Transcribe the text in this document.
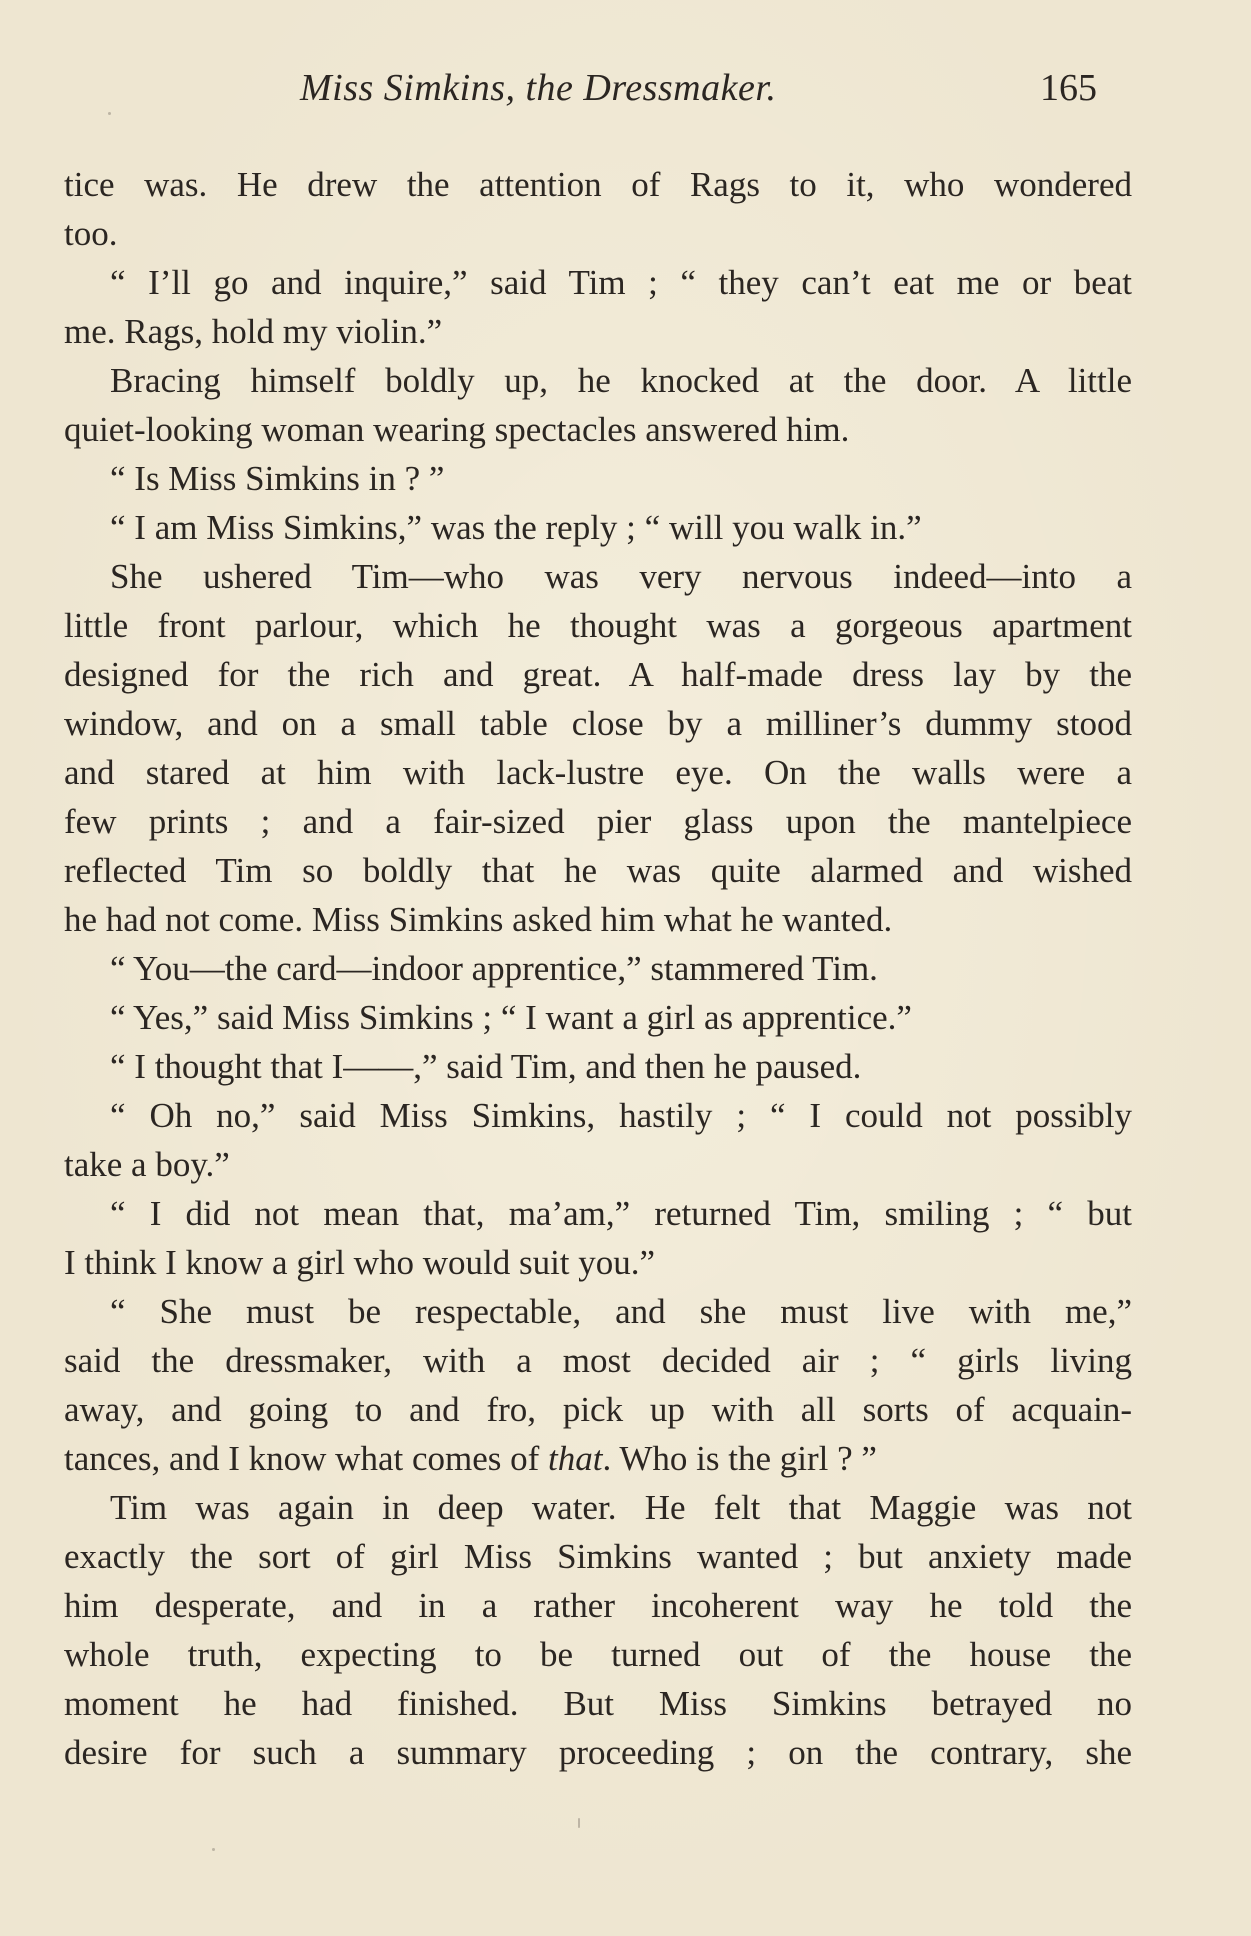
Miss Simkins, the Dressmaker.	165
tice was. He drew the attention of Rags to it, who wondered
too.
“ I’ll go and inquire,” said Tim ; “ they can’t eat me or beat
me. Rags, hold my violin.”
Bracing himself boldly up, he knocked at the door. A little
quiet-looking woman wearing spectacles answered him.
“ Is Miss Simkins in ? ”
“ I am Miss Simkins,” was the reply ; “ will you walk in.”
She ushered Tim—who was very nervous indeed—into a
little front parlour, which he thought was a gorgeous apartment
designed for the rich and great. A half-made dress lay by the
window, and on a small table close by a milliner’s dummy stood
and stared at him with lack-lustre eye. On the walls were a
few prints ; and a fair-sized pier glass upon the mantelpiece
reflected Tim so boldly that he was quite alarmed and wished
he had not come. Miss Simkins asked him what he wanted.
“ You—the card—indoor apprentice,” stammered Tim.
“ Yes,” said Miss Simkins ; “ I want a girl as apprentice.”
“ I thought that I——,” said Tim, and then he paused.
“ Oh no,” said Miss Simkins, hastily ; “ I could not possibly
take a boy.”
“ I did not mean that, ma’am,” returned Tim, smiling ; “ but
I think I know a girl who would suit you.”
“ She must be respectable, and she must live with me,”
said the dressmaker, with a most decided air ; “ girls living
away, and going to and fro, pick up with all sorts of acquain-
tances, and I know what comes of that. Who is the girl ? ”
Tim was again in deep water. He felt that Maggie was not
exactly the sort of girl Miss Simkins wanted ; but anxiety made
him desperate, and in a rather incoherent way he told the
whole truth, expecting to be turned out of the house the
moment he had finished. But Miss Simkins betrayed no
desire for such a summary proceeding ; on the contrary, she
